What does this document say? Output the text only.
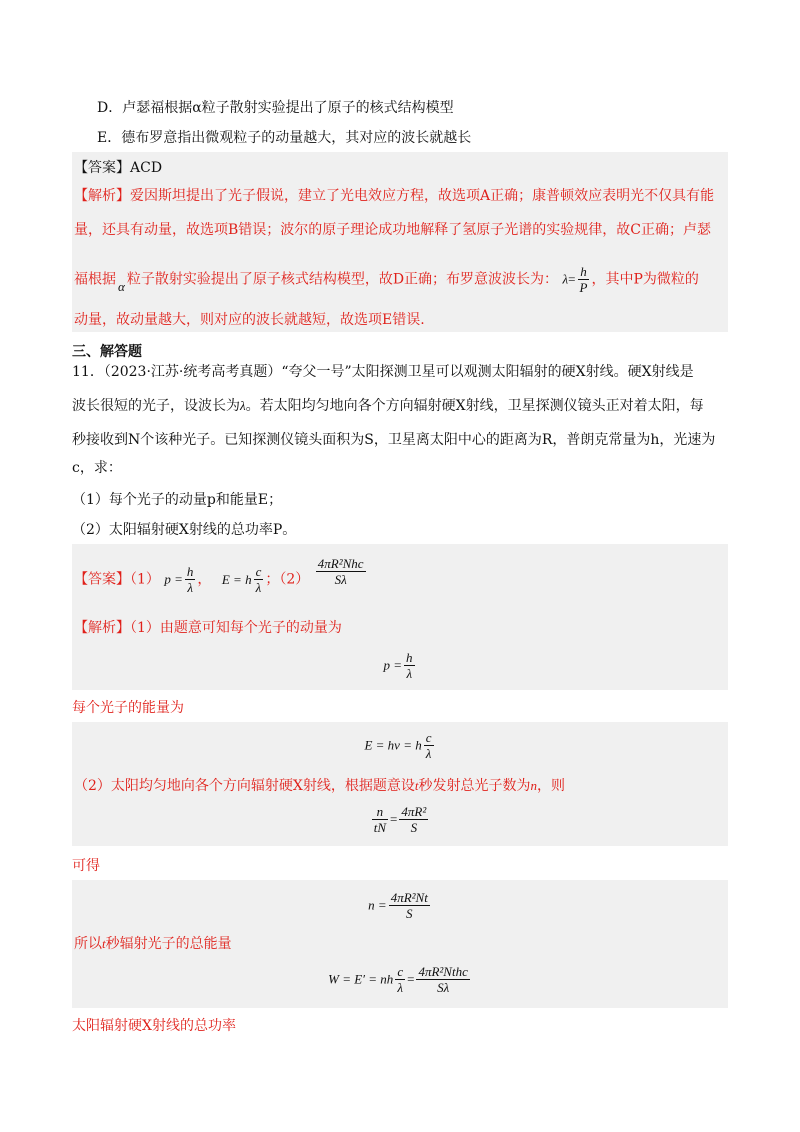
D．卢瑟福根据α粒子散射实验提出了原子的核式结构模型
E．德布罗意指出微观粒子的动量越大，其对应的波长就越长
【答案】ACD
【解析】爱因斯坦提出了光子假说，建立了光电效应方程，故选项A正确；康普顿效应表明光不仅具有能
量，还具有动量，故选项B错误；波尔的原子理论成功地解释了氢原子光谱的实验规律，故C正确；卢瑟
福根据 α 粒子散射实验提出了原子核式结构模型，故D正确；布罗意波波长为： $\lambda= \frac{h}{P}$ ，其中P为微粒的
动量，故动量越大，则对应的波长就越短，故选项E错误.
三、解答题
11．（2023·江苏·统考高考真题）“夸父一号”太阳探测卫星可以观测太阳辐射的硬X射线。硬X射线是
波长很短的光子，设波长为λ。若太阳均匀地向各个方向辐射硬X射线，卫星探测仪镜头正对着太阳，每
秒接收到N个该种光子。已知探测仪镜头面积为S，卫星离太阳中心的距离为R，普朗克常量为h，光速为
c，求：
（1）每个光子的动量p和能量E；
（2）太阳辐射硬X射线的总功率P。
【答案】（1） $p = \frac{h}{\lambda}$ ， E = h $\frac{c}{\lambda}$ ；$(2) \frac{\text{4πR²Nhc}}{S\lambda}$
【解析】（1）由题意可知每个光子的动量为
$p = \frac{h}{\lambda}$
每个光子的能量为
E = hν = h $\frac{c}{\lambda}$
（2）太阳均匀地向各个方向辐射硬X射线，根据题意设t秒发射总光子数为n，则
$\frac{n}{tN} = \frac{\text{4πR²}}{S}$
可得
$n = \frac{\text{4πR²Nt}}{S}$
所以t秒辐射光子的总能量
W = E′ = nh $\frac{c}{\lambda} = \frac{\text{4πR²Nthc}}{S\lambda}$
太阳辐射硬X射线的总功率
